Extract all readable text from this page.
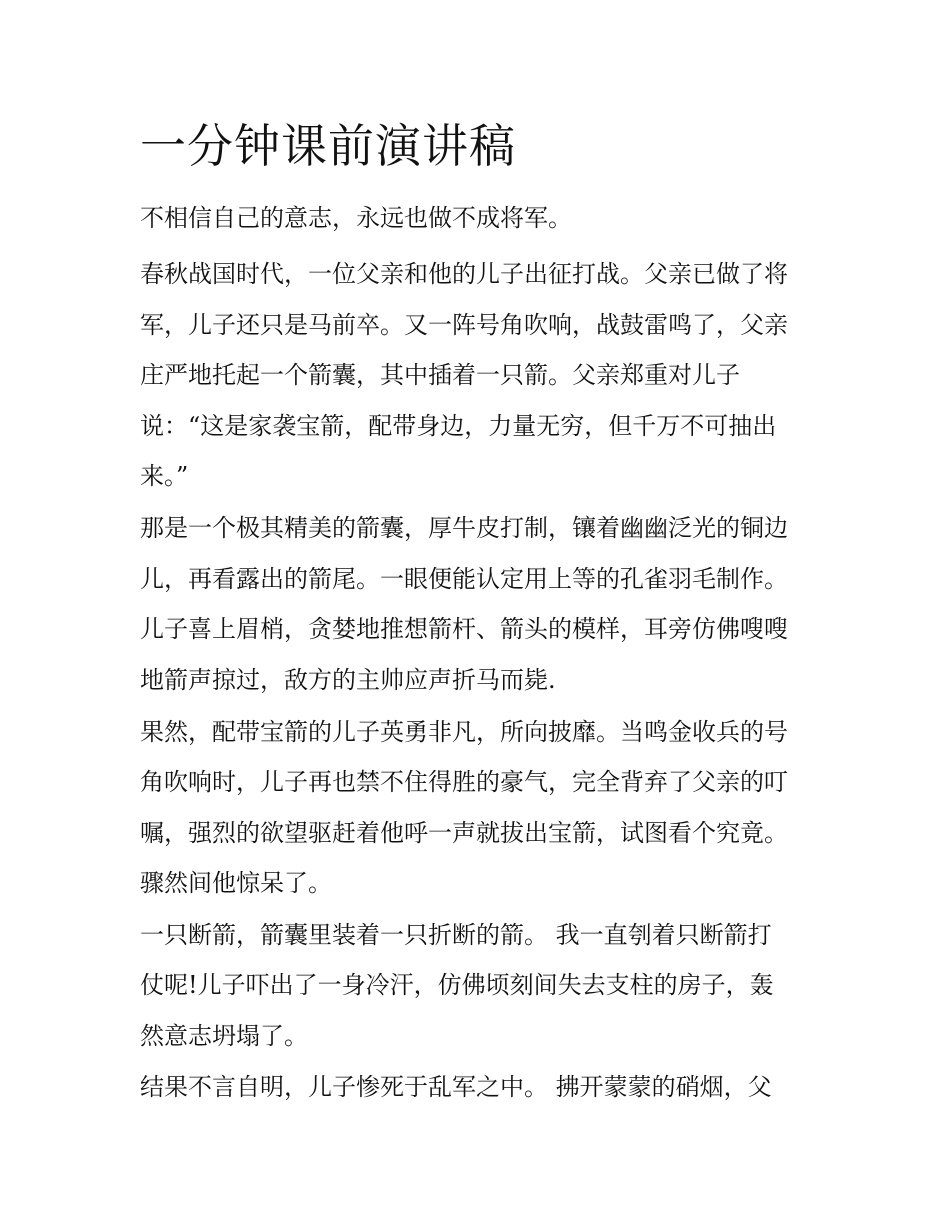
一分钟课前演讲稿

不相信自己的意志，永远也做不成将军。

春秋战国时代，一位父亲和他的儿子出征打战。父亲已做了将

军，儿子还只是马前卒。又一阵号角吹响，战鼓雷鸣了，父亲

庄严地托起一个箭囊，其中插着一只箭。父亲郑重对儿子

说：“这是家袭宝箭，配带身边，力量无穷，但千万不可抽出

来。”

那是一个极其精美的箭囊，厚牛皮打制，镶着幽幽泛光的铜边

儿，再看露出的箭尾。一眼便能认定用上等的孔雀羽毛制作。

儿子喜上眉梢，贪婪地推想箭杆、箭头的模样，耳旁仿佛嗖嗖

地箭声掠过，敌方的主帅应声折马而毙.

果然，配带宝箭的儿子英勇非凡，所向披靡。当鸣金收兵的号

角吹响时，儿子再也禁不住得胜的豪气，完全背弃了父亲的叮

嘱，强烈的欲望驱赶着他呼一声就拔出宝箭，试图看个究竟。

骤然间他惊呆了。

一只断箭，箭囊里装着一只折断的箭。 我一直刳着只断箭打

仗呢!儿子吓出了一身冷汗，仿佛顷刻间失去支柱的房子，轰

然意志坍塌了。

结果不言自明，儿子惨死于乱军之中。 拂开蒙蒙的硝烟，父
